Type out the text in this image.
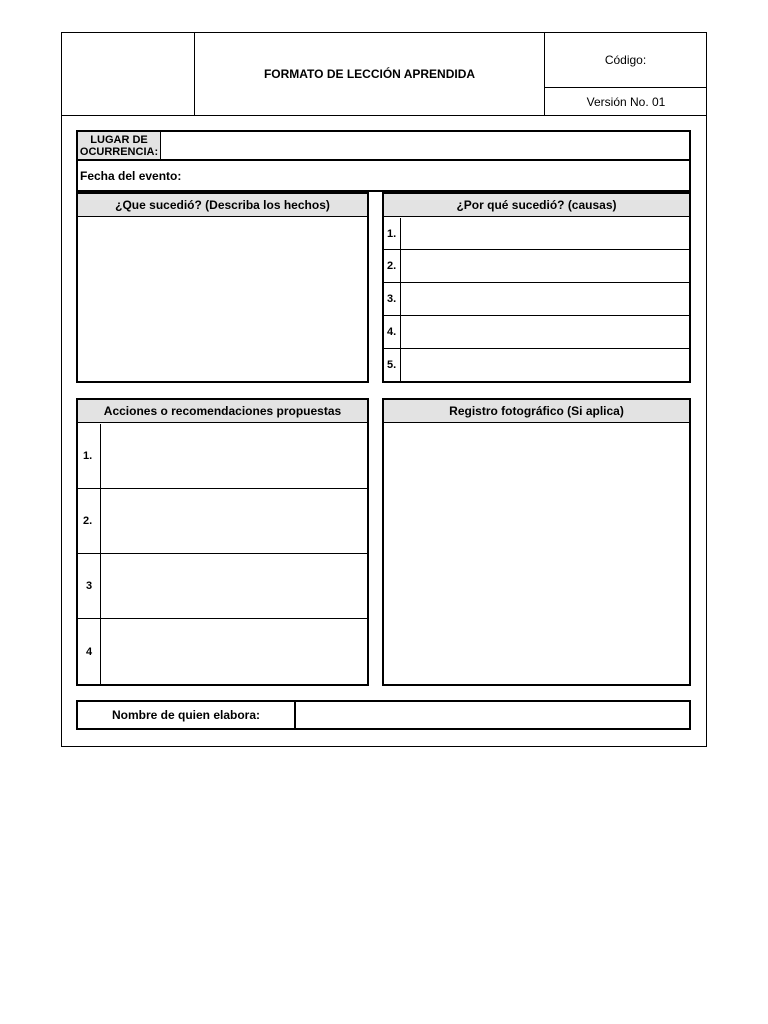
FORMATO DE LECCIÓN APRENDIDA
Código:
Versión No. 01
LUGAR DE OCURRENCIA:
Fecha del evento:
¿Que sucedió? (Describa los hechos)	¿Por qué sucedió? (causas)
1.
2.
3.
4.
5.
Acciones o recomendaciones propuestas
1.
2.
3
4
Registro fotográfico (Si aplica)
Nombre de quien elabora:
